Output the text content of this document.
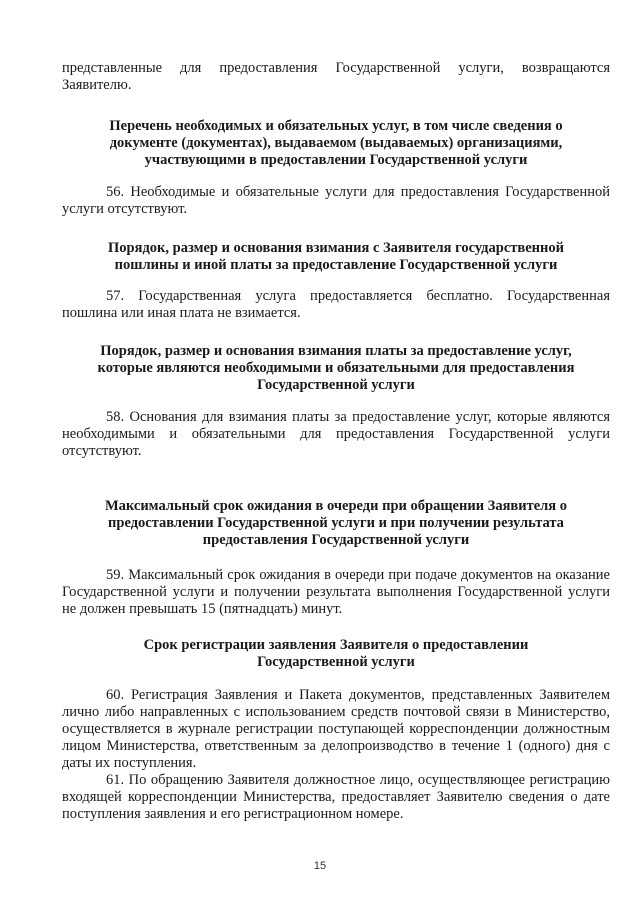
представленные для предоставления Государственной услуги, возвращаются Заявителю.

Перечень необходимых и обязательных услуг, в том числе сведения о документе (документах), выдаваемом (выдаваемых) организациями, участвующими в предоставлении Государственной услуги

56. Необходимые и обязательные услуги для предоставления Государственной услуги отсутствуют.

Порядок, размер и основания взимания с Заявителя государственной пошлины и иной платы за предоставление Государственной услуги

57. Государственная услуга предоставляется бесплатно. Государственная пошлина или иная плата не взимается.

Порядок, размер и основания взимания платы за предоставление услуг, которые являются необходимыми и обязательными для предоставления Государственной услуги

58. Основания для взимания платы за предоставление услуг, которые являются необходимыми и обязательными для предоставления Государственной услуги отсутствуют.

Максимальный срок ожидания в очереди при обращении Заявителя о предоставлении Государственной услуги и при получении результата предоставления Государственной услуги

59. Максимальный срок ожидания в очереди при подаче документов на оказание Государственной услуги и получении результата выполнения Государственной услуги не должен превышать 15 (пятнадцать) минут.

Срок регистрации заявления Заявителя о предоставлении Государственной услуги

60. Регистрация Заявления и Пакета документов, представленных Заявителем лично либо направленных с использованием средств почтовой связи в Министерство, осуществляется в журнале регистрации поступающей корреспонденции должностным лицом Министерства, ответственным за делопроизводство в течение 1 (одного) дня с даты их поступления.

61. По обращению Заявителя должностное лицо, осуществляющее регистрацию входящей корреспонденции Министерства, предоставляет Заявителю сведения о дате поступления заявления и его регистрационном номере.

15
